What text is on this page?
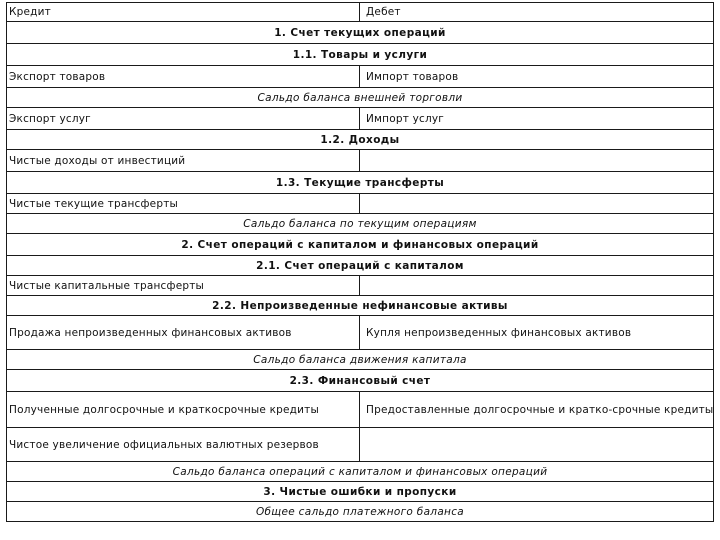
Кредит	Дебет
1. Счет текущих операций
1.1. Товары и услуги
Экспорт товаров	Импорт товаров
Сальдо баланса внешней торговли
Экспорт услуг	Импорт услуг
1.2. Доходы
Чистые доходы от инвестиций
1.3. Текущие трансферты
Чистые текущие трансферты
Сальдо баланса по текущим операциям
2. Счет операций с капиталом и финансовых операций
2.1. Счет операций с капиталом
Чистые капитальные трансферты
2.2. Непроизведенные нефинансовые активы
Продажа непроизведенных финансовых активов	Купля непроизведенных финансовых активов
Сальдо баланса движения капитала
2.3. Финансовый счет
Полученные долгосрочные и краткосрочные кредиты	Предоставленные долгосрочные и кратко-срочные кредиты
Чистое увеличение официальных валютных резервов
Сальдо баланса операций с капиталом и финансовых операций
3. Чистые ошибки и пропуски
Общее сальдо платежного баланса
